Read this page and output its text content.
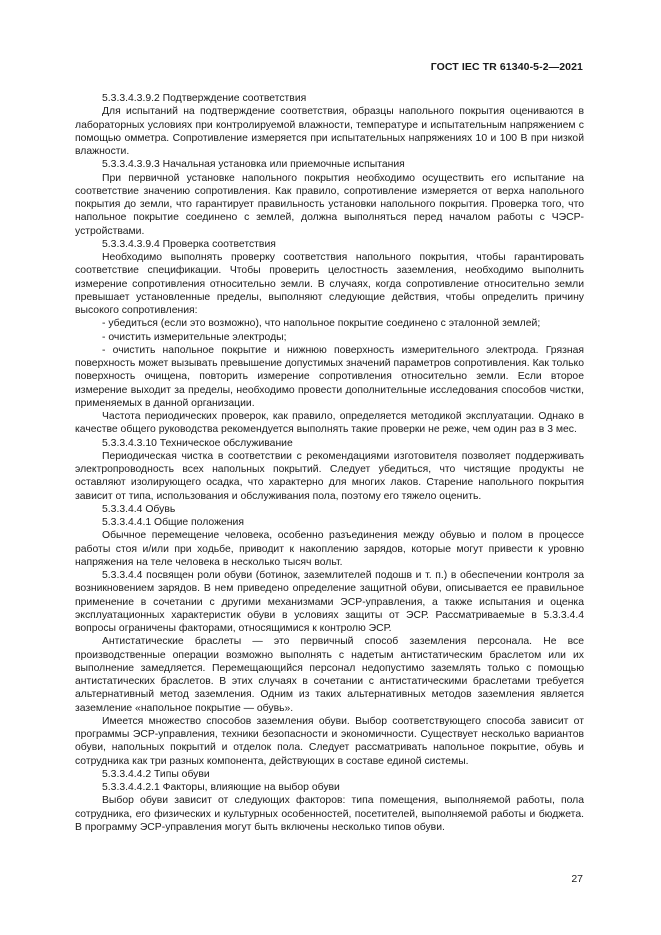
ГОСТ IEC TR 61340-5-2—2021

5.3.3.4.3.9.2 Подтверждение соответствия

Для испытаний на подтверждение соответствия, образцы напольного покрытия оцениваются в лабораторных условиях при контролируемой влажности, температуре и испытательным напряжением с помощью омметра. Сопротивление измеряется при испытательных напряжениях 10 и 100 В при низкой влажности.

5.3.3.4.3.9.3 Начальная установка или приемочные испытания

При первичной установке напольного покрытия необходимо осуществить его испытание на соответствие значению сопротивления. Как правило, сопротивление измеряется от верха напольного покрытия до земли, что гарантирует правильность установки напольного покрытия. Проверка того, что напольное покрытие соединено с землей, должна выполняться перед началом работы с ЧЭСР-устройствами.

5.3.3.4.3.9.4 Проверка соответствия

Необходимо выполнять проверку соответствия напольного покрытия, чтобы гарантировать соответствие спецификации. Чтобы проверить целостность заземления, необходимо выполнить измерение сопротивления относительно земли. В случаях, когда сопротивление относительно земли превышает установленные пределы, выполняют следующие действия, чтобы определить причину высокого сопротивления:

- убедиться (если это возможно), что напольное покрытие соединено с эталонной землей;

- очистить измерительные электроды;

- очистить напольное покрытие и нижнюю поверхность измерительного электрода. Грязная поверхность может вызывать превышение допустимых значений параметров сопротивления. Как только поверхность очищена, повторить измерение сопротивления относительно земли. Если второе измерение выходит за пределы, необходимо провести дополнительные исследования способов чистки, применяемых в данной организации.

Частота периодических проверок, как правило, определяется методикой эксплуатации. Однако в качестве общего руководства рекомендуется выполнять такие проверки не реже, чем один раз в 3 мес.

5.3.3.4.3.10 Техническое обслуживание

Периодическая чистка в соответствии с рекомендациями изготовителя позволяет поддерживать электропроводность всех напольных покрытий. Следует убедиться, что чистящие продукты не оставляют изолирующего осадка, что характерно для многих лаков. Старение напольного покрытия зависит от типа, использования и обслуживания пола, поэтому его тяжело оценить.

5.3.3.4.4 Обувь

5.3.3.4.4.1 Общие положения

Обычное перемещение человека, особенно разъединения между обувью и полом в процессе работы стоя и/или при ходьбе, приводит к накоплению зарядов, которые могут привести к уровню напряжения на теле человека в несколько тысяч вольт.

5.3.3.4.4 посвящен роли обуви (ботинок, заземлителей подошв и т. п.) в обеспечении контроля за возникновением зарядов. В нем приведено определение защитной обуви, описывается ее правильное применение в сочетании с другими механизмами ЭСР-управления, а также испытания и оценка эксплуатационных характеристик обуви в условиях защиты от ЭСР. Рассматриваемые в 5.3.3.4.4 вопросы ограничены факторами, относящимися к контролю ЭСР.

Антистатические браслеты — это первичный способ заземления персонала. Не все производственные операции возможно выполнять с надетым антистатическим браслетом или их выполнение замедляется. Перемещающийся персонал недопустимо заземлять только с помощью антистатических браслетов. В этих случаях в сочетании с антистатическими браслетами требуется альтернативный метод заземления. Одним из таких альтернативных методов заземления является заземление «напольное покрытие — обувь».

Имеется множество способов заземления обуви. Выбор соответствующего способа зависит от программы ЭСР-управления, техники безопасности и экономичности. Существует несколько вариантов обуви, напольных покрытий и отделок пола. Следует рассматривать напольное покрытие, обувь и сотрудника как три разных компонента, действующих в составе единой системы.

5.3.3.4.4.2 Типы обуви

5.3.3.4.4.2.1 Факторы, влияющие на выбор обуви

Выбор обуви зависит от следующих факторов: типа помещения, выполняемой работы, пола сотрудника, его физических и культурных особенностей, посетителей, выполняемой работы и бюджета. В программу ЭСР-управления могут быть включены несколько типов обуви.

27
